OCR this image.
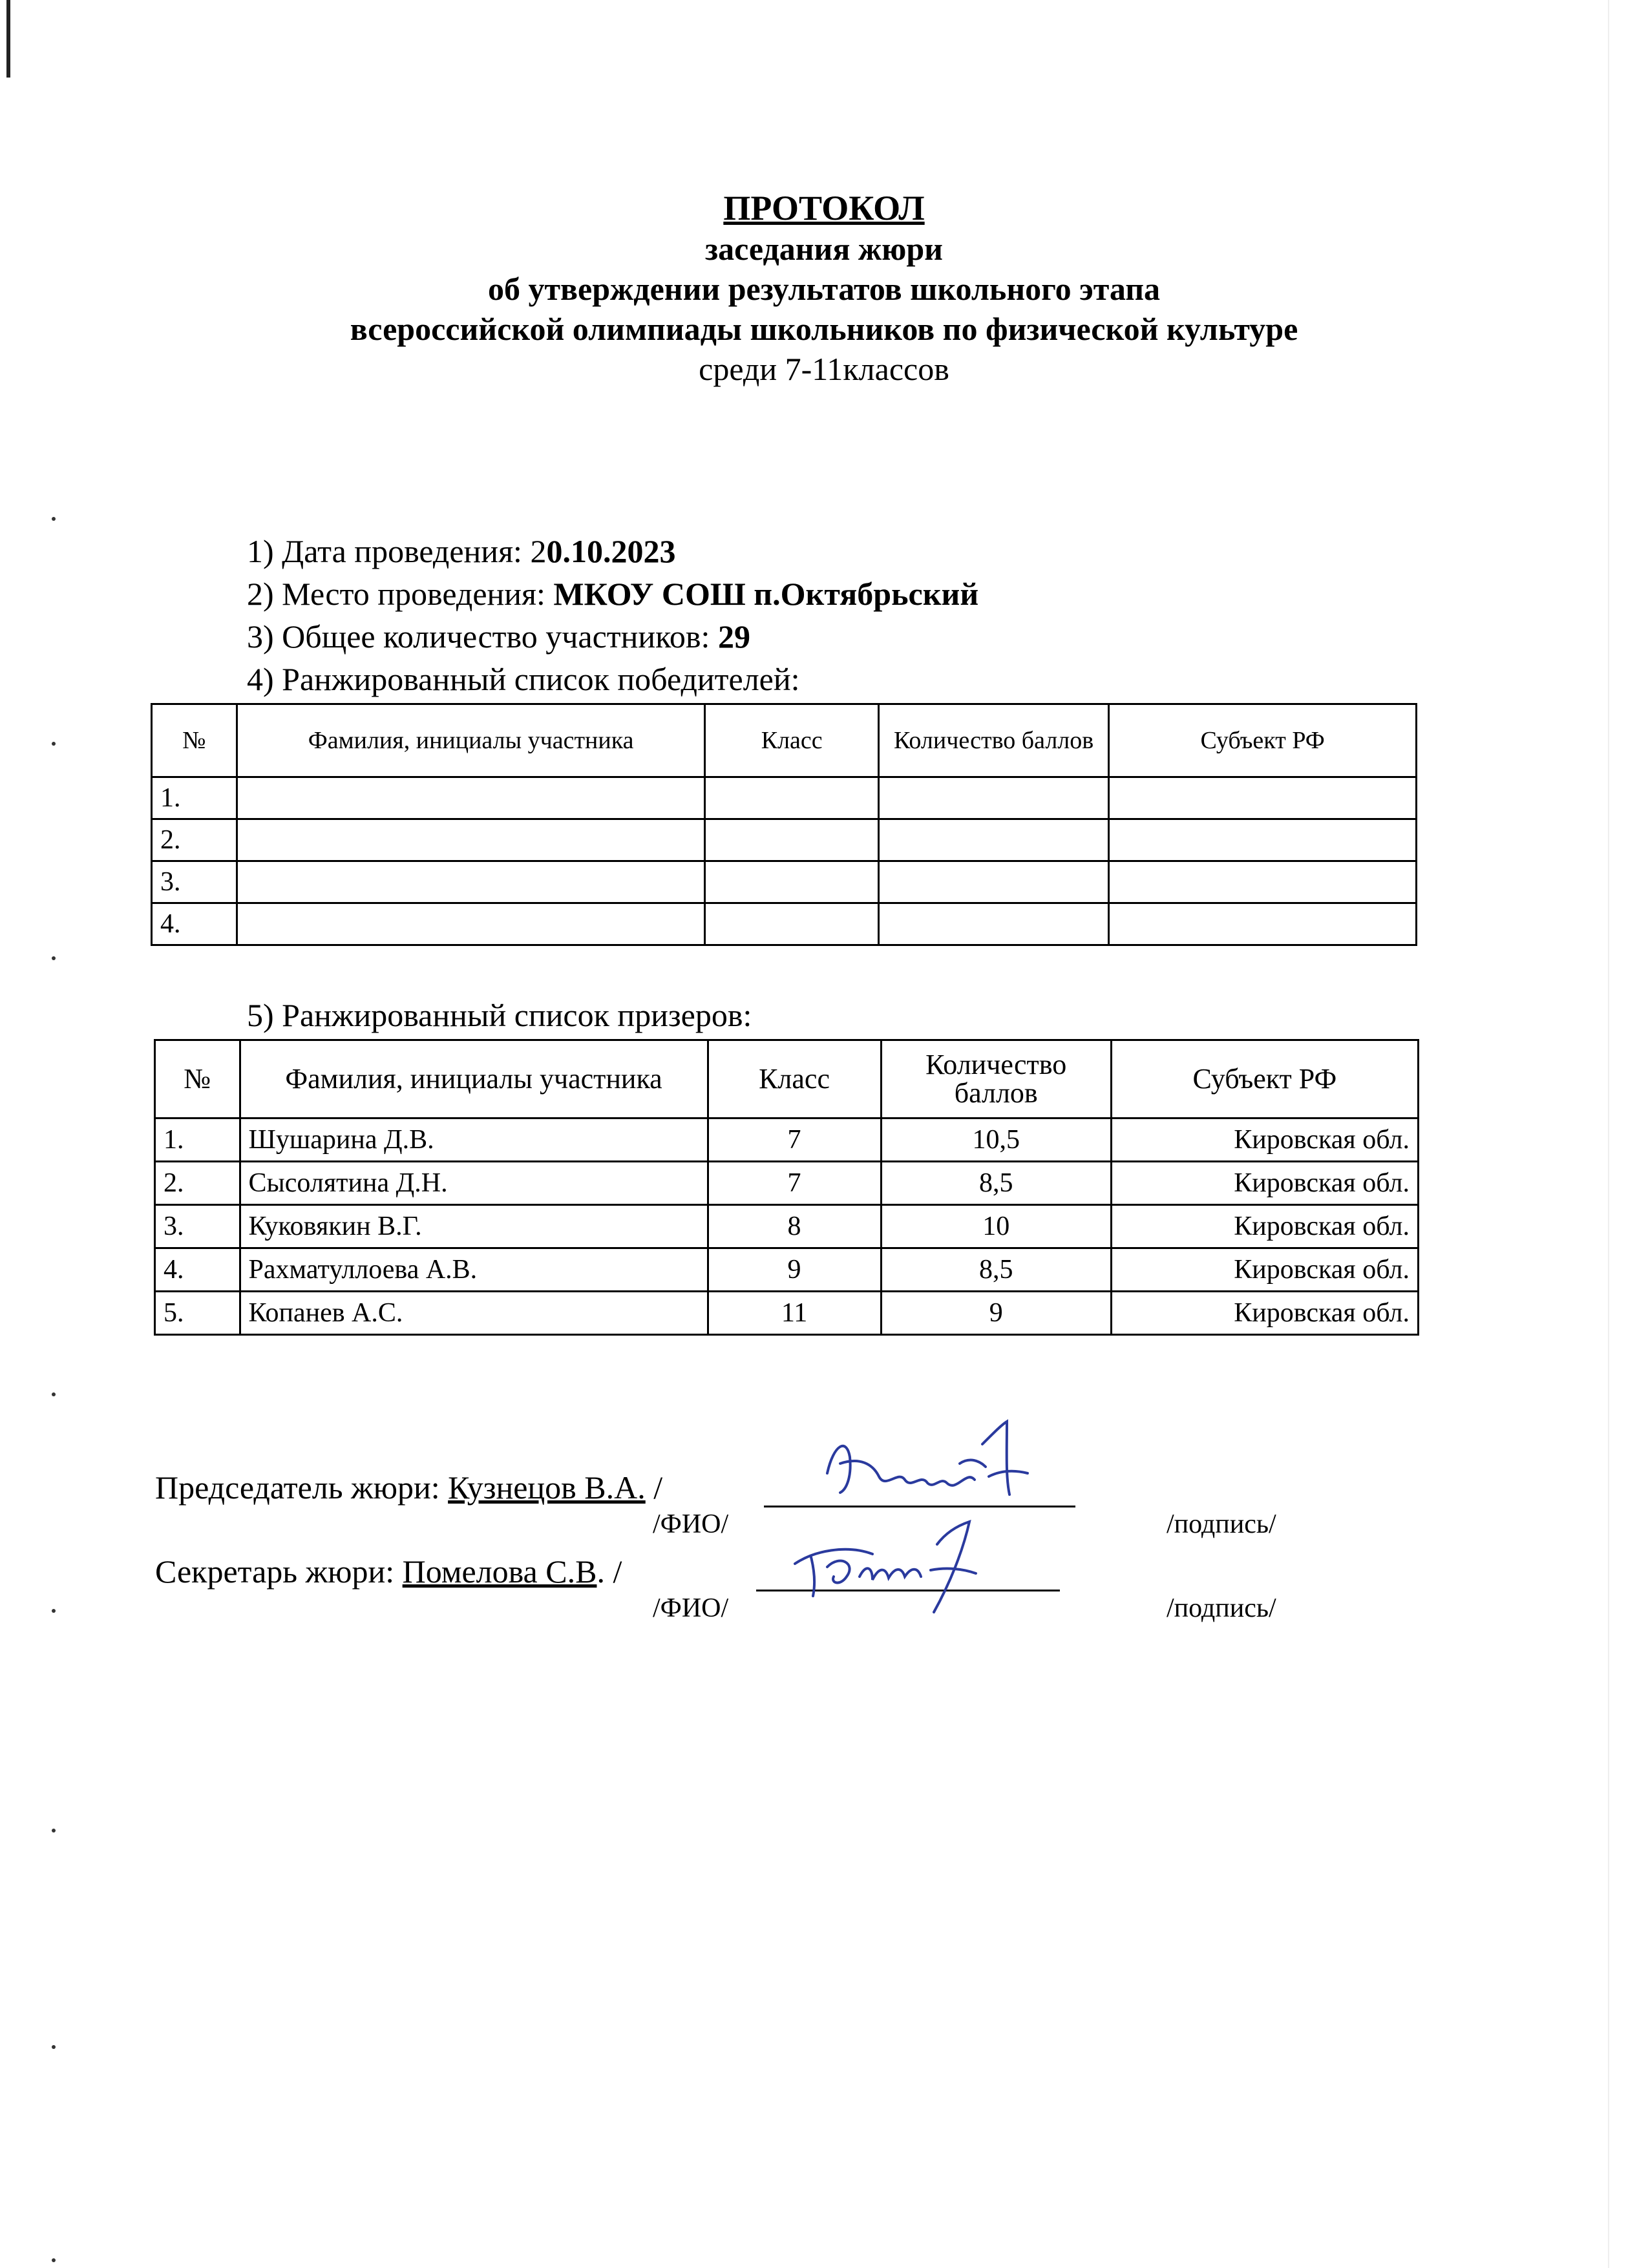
ПРОТОКОЛ
заседания жюри
об утверждении результатов школьного этапа
всероссийской олимпиады школьников по физической культуре
среди 7-11классов
1) Дата проведения: 20.10.2023
2) Место проведения: МКОУ СОШ п.Октябрьский
3) Общее количество участников: 29
4) Ранжированный список победителей:
№	Фамилия, инициалы участника	Класс	Количество баллов	Субъект РФ
1.				
2.				
3.				
4.				
5) Ранжированный список призеров:
№	Фамилия, инициалы участника	Класс	Количество баллов	Субъект РФ
1.	Шушарина Д.В.	7	10,5	Кировская обл.
2.	Сысолятина Д.Н.	7	8,5	Кировская обл.
3.	Куковякин В.Г.	8	10	Кировская обл.
4.	Рахматуллоева А.В.	9	8,5	Кировская обл.
5.	Копанев А.С.	11	9	Кировская обл.
Председатель жюри: Кузнецов В.А. /
/ФИО/	/подпись/
Секретарь жюри: Помелова С.В. /
/ФИО/	/подпись/
